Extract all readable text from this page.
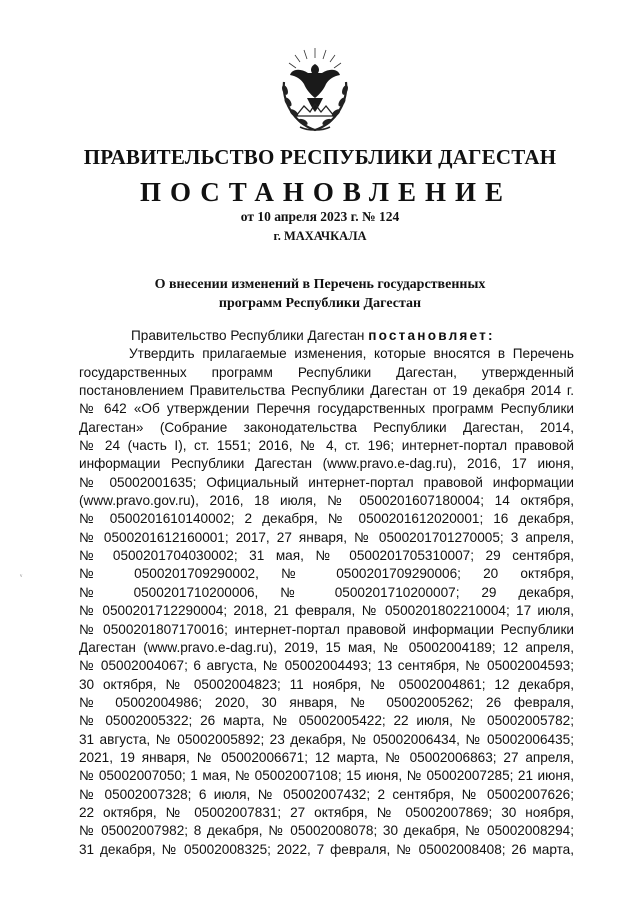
ПРАВИТЕЛЬСТВО РЕСПУБЛИКИ ДАГЕСТАН
ПОСТАНОВЛЕНИЕ
от 10 апреля 2023 г. № 124
г. МАХАЧКАЛА
О внесении изменений в Перечень государственных
программ Республики Дагестан
Правительство Республики Дагестан постановляет:
Утвердить прилагаемые изменения, которые вносятся в Перечень
государственных программ Республики Дагестан, утвержденный
постановлением Правительства Республики Дагестан от 19 декабря 2014 г.
№ 642 «Об утверждении Перечня государственных программ Республики
Дагестан» (Собрание законодательства Республики Дагестан, 2014,
№ 24 (часть I), ст. 1551; 2016, № 4, ст. 196; интернет-портал правовой
информации Республики Дагестан (www.pravo.e-dag.ru), 2016, 17 июня,
№ 05002001635; Официальный интернет-портал правовой информации
(www.pravo.gov.ru), 2016, 18 июля, № 0500201607180004; 14 октября,
№ 0500201610140002; 2 декабря, № 0500201612020001; 16 декабря,
№ 0500201612160001; 2017, 27 января, № 0500201701270005; 3 апреля,
№ 0500201704030002; 31 мая, № 0500201705310007; 29 сентября,
№ 0500201709290002, № 0500201709290006; 20 октября,
№ 0500201710200006, № 0500201710200007; 29 декабря,
№ 0500201712290004; 2018, 21 февраля, № 0500201802210004; 17 июля,
№ 0500201807170016; интернет-портал правовой информации Республики
Дагестан (www.pravo.e-dag.ru), 2019, 15 мая, № 05002004189; 12 апреля,
№ 05002004067; 6 августа, № 05002004493; 13 сентября, № 05002004593;
30 октября, № 05002004823; 11 ноября, № 05002004861; 12 декабря,
№ 05002004986; 2020, 30 января, № 05002005262; 26 февраля,
№ 05002005322; 26 марта, № 05002005422; 22 июля, № 05002005782;
31 августа, № 05002005892; 23 декабря, № 05002006434, № 05002006435;
2021, 19 января, № 05002006671; 12 марта, № 05002006863; 27 апреля,
№ 05002007050; 1 мая, № 05002007108; 15 июня, № 05002007285; 21 июня,
№ 05002007328; 6 июля, № 05002007432; 2 сентября, № 05002007626;
22 октября, № 05002007831; 27 октября, № 05002007869; 30 ноября,
№ 05002007982; 8 декабря, № 05002008078; 30 декабря, № 05002008294;
31 декабря, № 05002008325; 2022, 7 февраля, № 05002008408; 26 марта,
ᵛ
